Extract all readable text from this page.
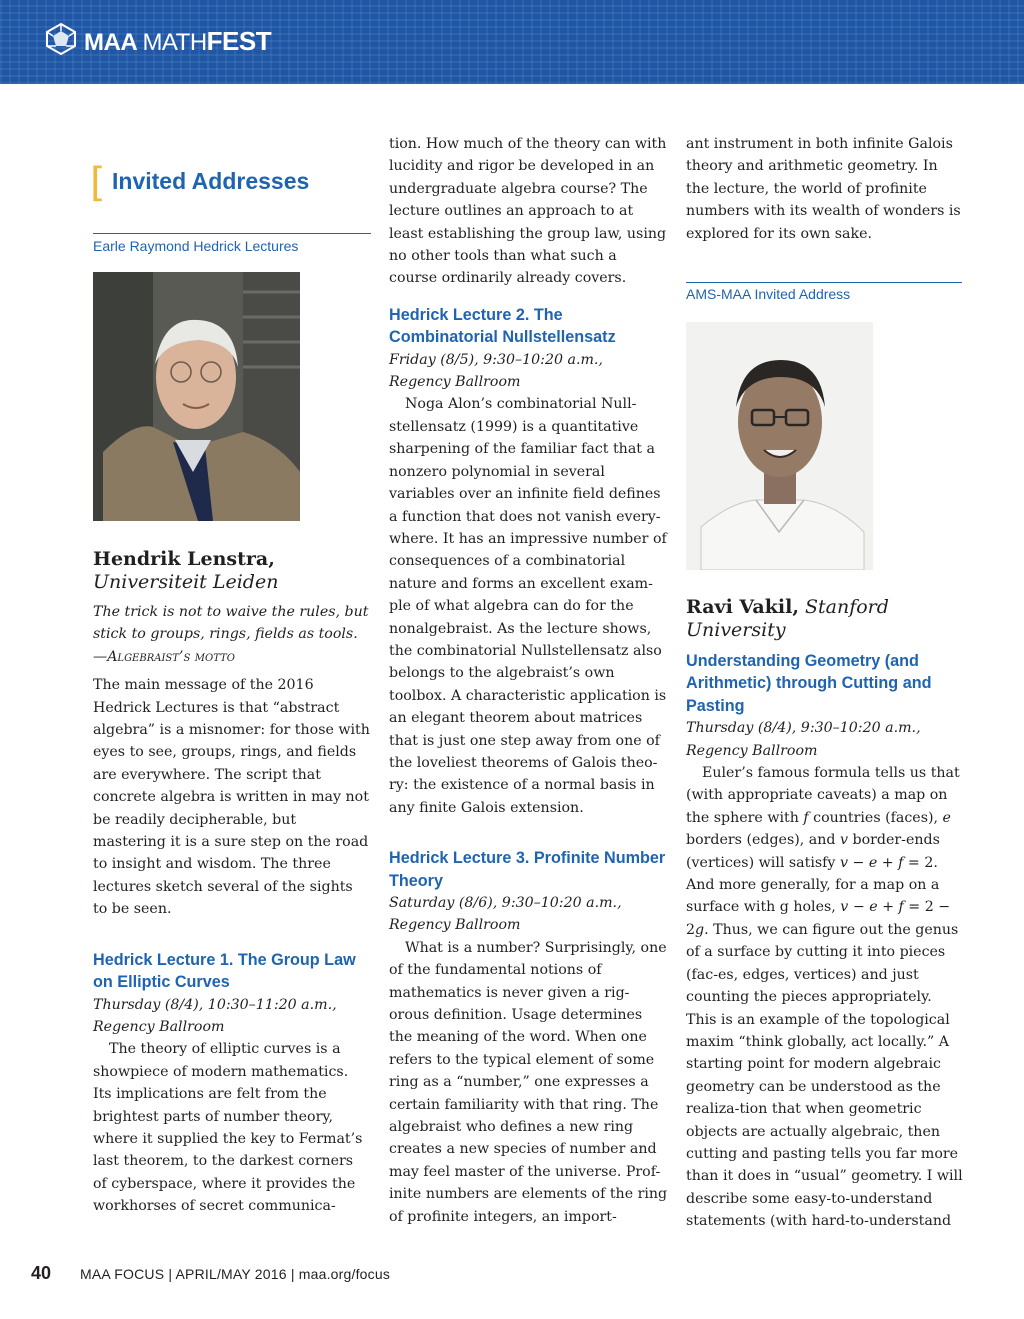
MAA MATHFEST
[ Invited Addresses
Earle Raymond Hedrick Lectures
Hendrik Lenstra,
Universiteit Leiden

The trick is not to waive the rules, but stick to groups, rings, fields as tools.—Algebraist’s motto

The main message of the 2016 Hedrick Lectures is that “abstract algebra” is a misnomer: for those with eyes to see, groups, rings, and fields are everywhere. The script that concrete algebra is written in may not be readily decipherable, but mastering it is a sure step on the road to insight and wisdom. The three lectures sketch several of the sights to be seen.

Hedrick Lecture 1. The Group Law on Elliptic Curves

Thursday (8/4), 10:30–11:20 a.m.,

Regency Ballroom

The theory of elliptic curves is a showpiece of modern mathematics. Its implications are felt from the brightest parts of number theory, where it supplied the key to Fermat’s last theorem, to the darkest corners of cyberspace, where it provides the workhorses of secret communica-

tion. How much of the theory can with lucidity and rigor be developed in an undergraduate algebra course? The lecture outlines an approach to at least establishing the group law, using no other tools than what such a course ordinarily already covers.

Hedrick Lecture 2. The Combinatorial Nullstellensatz

Friday (8/5), 9:30–10:20 a.m.,

Regency Ballroom

Noga Alon’s combinatorial Null-stellensatz (1999) is a quantitative sharpening of the familiar fact that a nonzero polynomial in several variables over an infinite field defines a function that does not vanish every-where. It has an impressive number of consequences of a combinatorial nature and forms an excellent exam-ple of what algebra can do for the nonalgebraist. As the lecture shows, the combinatorial Nullstellensatz also belongs to the algebraist’s own toolbox. A characteristic application is an elegant theorem about matrices that is just one step away from one of the loveliest theorems of Galois theo-ry: the existence of a normal basis in any finite Galois extension.

Hedrick Lecture 3. Profinite Number Theory

Saturday (8/6), 9:30–10:20 a.m.,

Regency Ballroom

What is a number? Surprisingly, one of the fundamental notions of mathematics is never given a rig-orous definition. Usage determines the meaning of the word. When one refers to the typical element of some ring as a “number,” one expresses a certain familiarity with that ring. The algebraist who defines a new ring creates a new species of number and may feel master of the universe. Prof-inite numbers are elements of the ring of profinite integers, an import-

ant instrument in both infinite Galois theory and arithmetic geometry. In the lecture, the world of profinite numbers with its wealth of wonders is explored for its own sake.

AMS-MAA Invited Address
Ravi Vakil, Stanford University

Understanding Geometry (and Arithmetic) through Cutting and Pasting

Thursday (8/4), 9:30–10:20 a.m.,

Regency Ballroom

Euler’s famous formula tells us that (with appropriate caveats) a map on the sphere with f countries (faces), e borders (edges), and v border-ends (vertices) will satisfy v − e + f = 2. And more generally, for a map on a surface with g holes, v − e + f = 2 − 2g. Thus, we can figure out the genus of a surface by cutting it into pieces (fac-es, edges, vertices) and just counting the pieces appropriately. This is an example of the topological maxim “think globally, act locally.” A starting point for modern algebraic geometry can be understood as the realiza-tion that when geometric objects are actually algebraic, then cutting and pasting tells you far more than it does in “usual” geometry. I will describe some easy-to-understand statements (with hard-to-understand

40 MAA FOCUS | APRIL/MAY 2016 | maa.org/focus
